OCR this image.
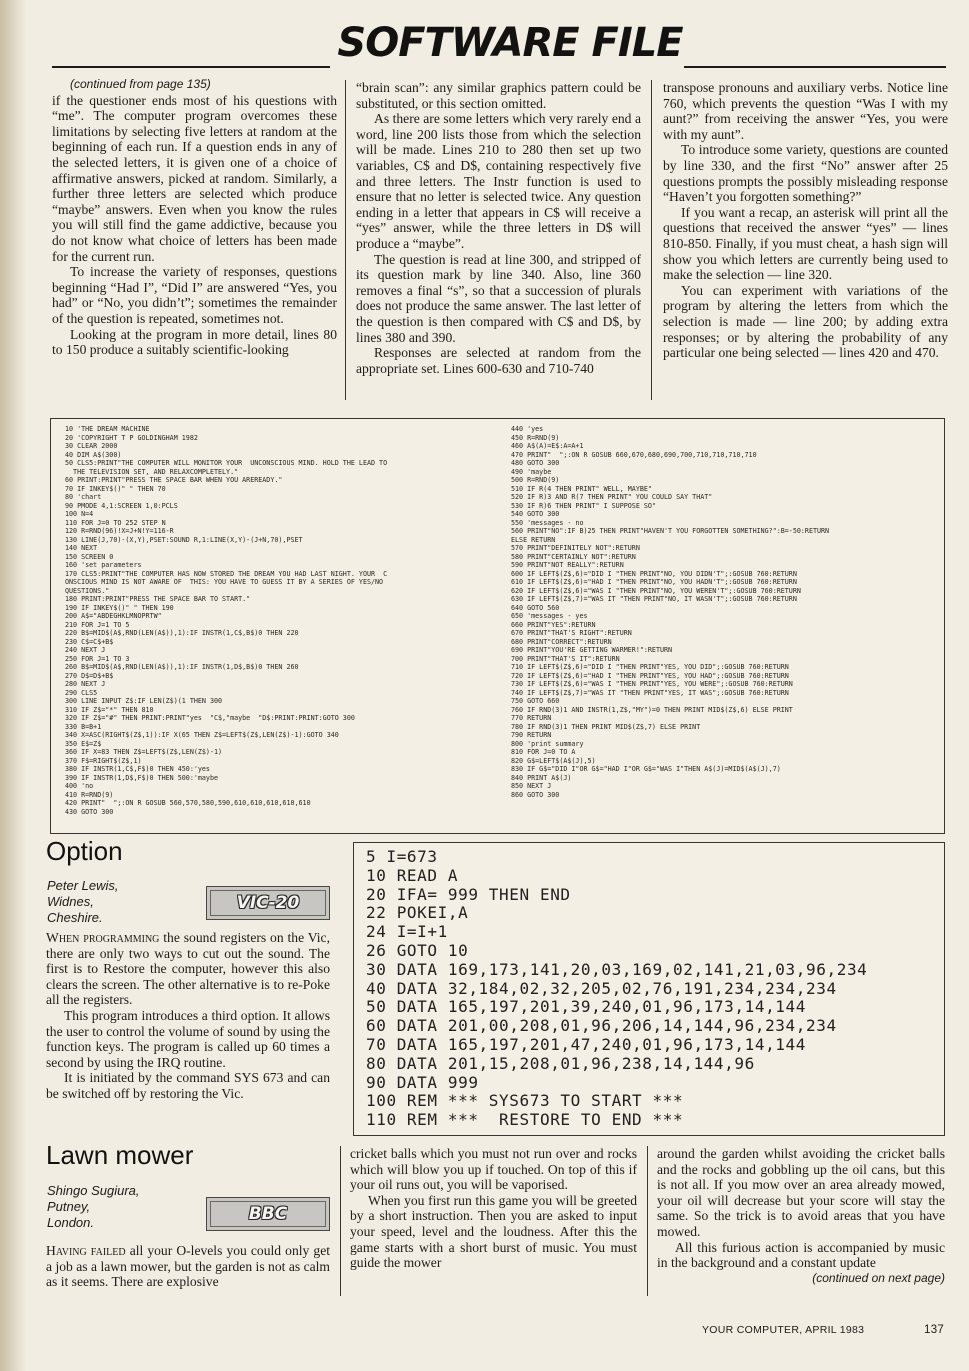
SOFTWARE FILE

(continued from page 135)

if the questioner ends most of his questions with “me”. The computer program overcomes these limitations by selecting five letters at random at the beginning of each run. If a question ends in any of the selected letters, it is given one of a choice of affirmative answers, picked at random. Similarly, a further three letters are selected which produce “maybe” answers. Even when you know the rules you will still find the game addictive, because you do not know what choice of letters has been made for the current run.

To increase the variety of responses, questions beginning “Had I”, “Did I” are answered “Yes, you had” or “No, you didn’t”; sometimes the remainder of the question is repeated, sometimes not.

Looking at the program in more detail, lines 80 to 150 produce a suitably scientific-looking

“brain scan”: any similar graphics pattern could be substituted, or this section omitted.

As there are some letters which very rarely end a word, line 200 lists those from which the selection will be made. Lines 210 to 280 then set up two variables, C$ and D$, containing respectively five and three letters. The Instr function is used to ensure that no letter is selected twice. Any question ending in a letter that appears in C$ will receive a “yes” answer, while the three letters in D$ will produce a “maybe”.

The question is read at line 300, and stripped of its question mark by line 340. Also, line 360 removes a final “s”, so that a succession of plurals does not produce the same answer. The last letter of the question is then compared with C$ and D$, by lines 380 and 390.

Responses are selected at random from the appropriate set. Lines 600-630 and 710-740

transpose pronouns and auxiliary verbs. Notice line 760, which prevents the question “Was I with my aunt?” from receiving the answer “Yes, you were with my aunt”.

To introduce some variety, questions are counted by line 330, and the first “No” answer after 25 questions prompts the possibly misleading response “Haven’t you forgotten something?”

If you want a recap, an asterisk will print all the questions that received the answer “yes” — lines 810-850. Finally, if you must cheat, a hash sign will show you which letters are currently being used to make the selection — line 320.

You can experiment with variations of the program by altering the letters from which the selection is made — line 200; by adding extra responses; or by altering the probability of any particular one being selected — lines 420 and 470.

10 'THE DREAM MACHINE
20 'COPYRIGHT T P GOLDINGHAM 1982
30 CLEAR 2000
40 DIM A$(300)
50 CLS5:PRINT"THE COMPUTER WILL MONITOR YOUR  UNCONSCIOUS MIND. HOLD THE LEAD TO
THE TELEVISION SET, AND RELAXCOMPLETELY."
60 PRINT:PRINT"PRESS THE SPACE BAR WHEN YOU AREREADY."
70 IF INKEY$()" " THEN 70
80 'chart
90 PMODE 4,1:SCREEN 1,0:PCLS
100 N=4
110 FOR J=0 TO 252 STEP N
120 R=RND(96)!X=J+N!Y=116-R
130 LINE(J,70)-(X,Y),PSET:SOUND R,1:LINE(X,Y)-(J+N,70),PSET
140 NEXT
150 SCREEN 0
160 'set parameters
170 CLS5:PRINT"THE COMPUTER HAS NOW STORED THE DREAM YOU HAD LAST NIGHT. YOUR  C
ONSCIOUS MIND IS NOT AWARE OF  THIS: YOU HAVE TO GUESS IT BY A SERIES OF YES/NO
QUESTIONS."
180 PRINT:PRINT"PRESS THE SPACE BAR TO START."
190 IF INKEY$()" " THEN 190
200 A$="ABDEGHKLMNOPRTW"
210 FOR J=1 TO 5
220 B$=MID$(A$,RND(LEN(A$)),1):IF INSTR(1,C$,B$)0 THEN 220
230 C$=C$+B$
240 NEXT J
250 FOR J=1 TO 3
260 B$=MID$(A$,RND(LEN(A$)),1):IF INSTR(1,D$,B$)0 THEN 260
270 D$=D$+B$
280 NEXT J
290 CLS5
300 LINE INPUT Z$:IF LEN(Z$)(1 THEN 300
310 IF Z$="*" THEN 810
320 IF Z$="#" THEN PRINT:PRINT"yes  "C$,"maybe  "D$:PRINT:PRINT:GOTO 300
330 B=B+1
340 X=ASC(RIGHT$(Z$,1)):IF X(65 THEN Z$=LEFT$(Z$,LEN(Z$)-1):GOTO 340
350 E$=Z$
360 IF X=83 THEN Z$=LEFT$(Z$,LEN(Z$)-1)
370 F$=RIGHT$(Z$,1)
380 IF INSTR(1,C$,F$)0 THEN 450:'yes
390 IF INSTR(1,D$,F$)0 THEN 500:'maybe
400 'no
410 R=RND(9)
420 PRINT"  ";:ON R GOSUB 560,570,580,590,610,610,610,610,610
430 GOTO 300
440 'yes
450 R=RND(9)
460 A$(A)=E$:A=A+1
470 PRINT"  ";:ON R GOSUB 660,670,680,690,700,710,710,710,710
480 GOTO 300
490 'maybe
500 R=RND(9)
510 IF R(4 THEN PRINT" WELL, MAYBE"
520 IF R)3 AND R(7 THEN PRINT" YOU COULD SAY THAT"
530 IF R)6 THEN PRINT" I SUPPOSE SO"
540 GOTO 300
550 'messages - no
560 PRINT"NO":IF B)25 THEN PRINT"HAVEN'T YOU FORGOTTEN SOMETHING?":B=-50:RETURN
ELSE RETURN
570 PRINT"DEFINITELY NOT":RETURN
580 PRINT"CERTAINLY NOT":RETURN
590 PRINT"NOT REALLY":RETURN
600 IF LEFT$(Z$,6)="DID I "THEN PRINT"NO, YOU DIDN'T";:GOSUB 760:RETURN
610 IF LEFT$(Z$,6)="HAD I "THEN PRINT"NO, YOU HADN'T";:GOSUB 760:RETURN
620 IF LEFT$(Z$,6)="WAS I "THEN PRINT"NO, YOU WEREN'T";:GOSUB 760:RETURN
630 IF LEFT$(Z$,7)="WAS IT "THEN PRINT"NO, IT WASN'T";:GOSUB 760:RETURN
640 GOTO 560
650 'messages - yes
660 PRINT"YES":RETURN
670 PRINT"THAT'S RIGHT":RETURN
680 PRINT"CORRECT":RETURN
690 PRINT"YOU'RE GETTING WARMER!":RETURN
700 PRINT"THAT'S IT":RETURN
710 IF LEFT$(Z$,6)="DID I "THEN PRINT"YES, YOU DID";:GOSUB 760:RETURN
720 IF LEFT$(Z$,6)="HAD I "THEN PRINT"YES, YOU HAD";:GOSUB 760:RETURN
730 IF LEFT$(Z$,6)="WAS I "THEN PRINT"YES, YOU WERE";:GOSUB 760:RETURN
740 IF LEFT$(Z$,7)="WAS IT "THEN PRINT"YES, IT WAS";:GOSUB 760:RETURN
750 GOTO 660
760 IF RND(3)1 AND INSTR(1,Z$,"MY")=0 THEN PRINT MID$(Z$,6) ELSE PRINT
770 RETURN
780 IF RND(3)1 THEN PRINT MID$(Z$,7) ELSE PRINT
790 RETURN
800 'print summary
810 FOR J=0 TO A
820 G$=LEFT$(A$(J),5)
830 IF G$="DID I"OR G$="HAD I"OR G$="WAS I"THEN A$(J)=MID$(A$(J),7)
840 PRINT A$(J)
850 NEXT J
860 GOTO 300
Option
Peter Lewis,
Widnes,
Cheshire.
VIC-20

When programming the sound registers on the Vic, there are only two ways to cut out the sound. The first is to Restore the computer, however this also clears the screen. The other alternative is to re-Poke all the registers.

This program introduces a third option. It allows the user to control the volume of sound by using the function keys. The program is called up 60 times a second by using the IRQ routine.

It is initiated by the command SYS 673 and can be switched off by restoring the Vic.

5 I=673
10 READ A
20 IFA= 999 THEN END
22 POKEI,A
24 I=I+1
26 GOTO 10
30 DATA 169,173,141,20,03,169,02,141,21,03,96,234
40 DATA 32,184,02,32,205,02,76,191,234,234,234
50 DATA 165,197,201,39,240,01,96,173,14,144
60 DATA 201,00,208,01,96,206,14,144,96,234,234
70 DATA 165,197,201,47,240,01,96,173,14,144
80 DATA 201,15,208,01,96,238,14,144,96
90 DATA 999
100 REM *** SYS673 TO START ***
110 REM ***  RESTORE TO END ***
Lawn mower
Shingo Sugiura,
Putney,
London.	BBC

Having failed all your O-levels you could only get a job as a lawn mower, but the garden is not as calm as it seems. There are explosive

cricket balls which you must not run over and rocks which will blow you up if touched. On top of this if your oil runs out, you will be vaporised.

When you first run this game you will be greeted by a short instruction. Then you are asked to input your speed, level and the loudness. After this the game starts with a short burst of music. You must guide the mower

around the garden whilst avoiding the cricket balls and the rocks and gobbling up the oil cans, but this is not all. If you mow over an area already mowed, your oil will decrease but your score will stay the same. So the trick is to avoid areas that you have mowed.

All this furious action is accompanied by music in the background and a constant update

(continued on next page)

YOUR COMPUTER, APRIL 1983	137
